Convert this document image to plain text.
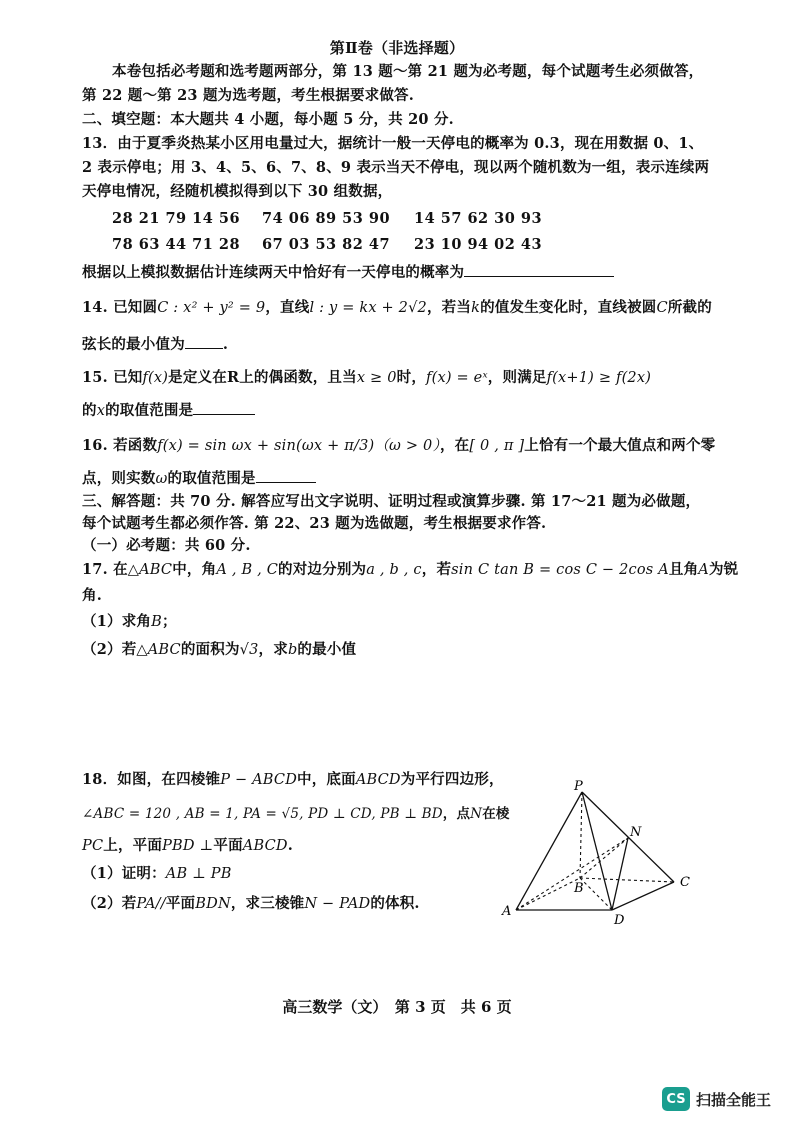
第Ⅱ卷（非选择题）
本卷包括必考题和选考题两部分，第 13 题～第 21 题为必考题，每个试题考生必须做答，
第 22 题～第 23 题为选考题，考生根据要求做答.
二、填空题：本大题共 4 小题，每小题 5 分，共 20 分.
13．由于夏季炎热某小区用电量过大，据统计一般一天停电的概率为 0.3，现在用数据 0、1、
2 表示停电；用 3、4、5、6、7、8、9 表示当天不停电，现以两个随机数为一组，表示连续两
天停电情况，经随机模拟得到以下 30 组数据，
28 21 79 14 56 74 06 89 53 90 14 57 62 30 93
78 63 44 71 28 67 03 53 82 47 23 10 94 02 43
根据以上模拟数据估计连续两天中恰好有一天停电的概率为
14. 已知圆C : x² + y² = 9，直线l : y = kx + 2√2，若当k的值发生变化时，直线被圆C所截的
弦长的最小值为	.
15. 已知f(x)是定义在R上的偶函数，且当x ≥ 0时，f(x) = eˣ，则满足f(x+1) ≥ f(2x)
的x的取值范围是
16. 若函数f(x) = sin ωx + sin(ωx + π/3)（ω > 0），在[ 0 , π ]上恰有一个最大值点和两个零
点，则实数ω的取值范围是
三、解答题：共 70 分. 解答应写出文字说明、证明过程或演算步骤. 第 17～21 题为必做题，
每个试题考生都必须作答. 第 22、23 题为选做题，考生根据要求作答.
（一）必考题：共 60 分.
17. 在△ABC中，角A , B , C的对边分别为a , b , c，若sin C tan B = cos C − 2cos A且角A为锐
角.
（1）求角B；
（2）若△ABC的面积为√3，求b的最小值
18．如图，在四棱锥P − ABCD中，底面ABCD为平行四边形，
∠ABC = 120 , AB = 1, PA = √5, PD ⊥ CD, PB ⊥ BD，点N在棱
PC上，平面PBD ⊥平面ABCD.
（1）证明：AB ⊥ PB
（2）若PA//平面BDN，求三棱锥N − PAD的体积.
P
N
B	C
A
D
高三数学（文）　第 3 页　共 6 页
CS 扫描全能王
